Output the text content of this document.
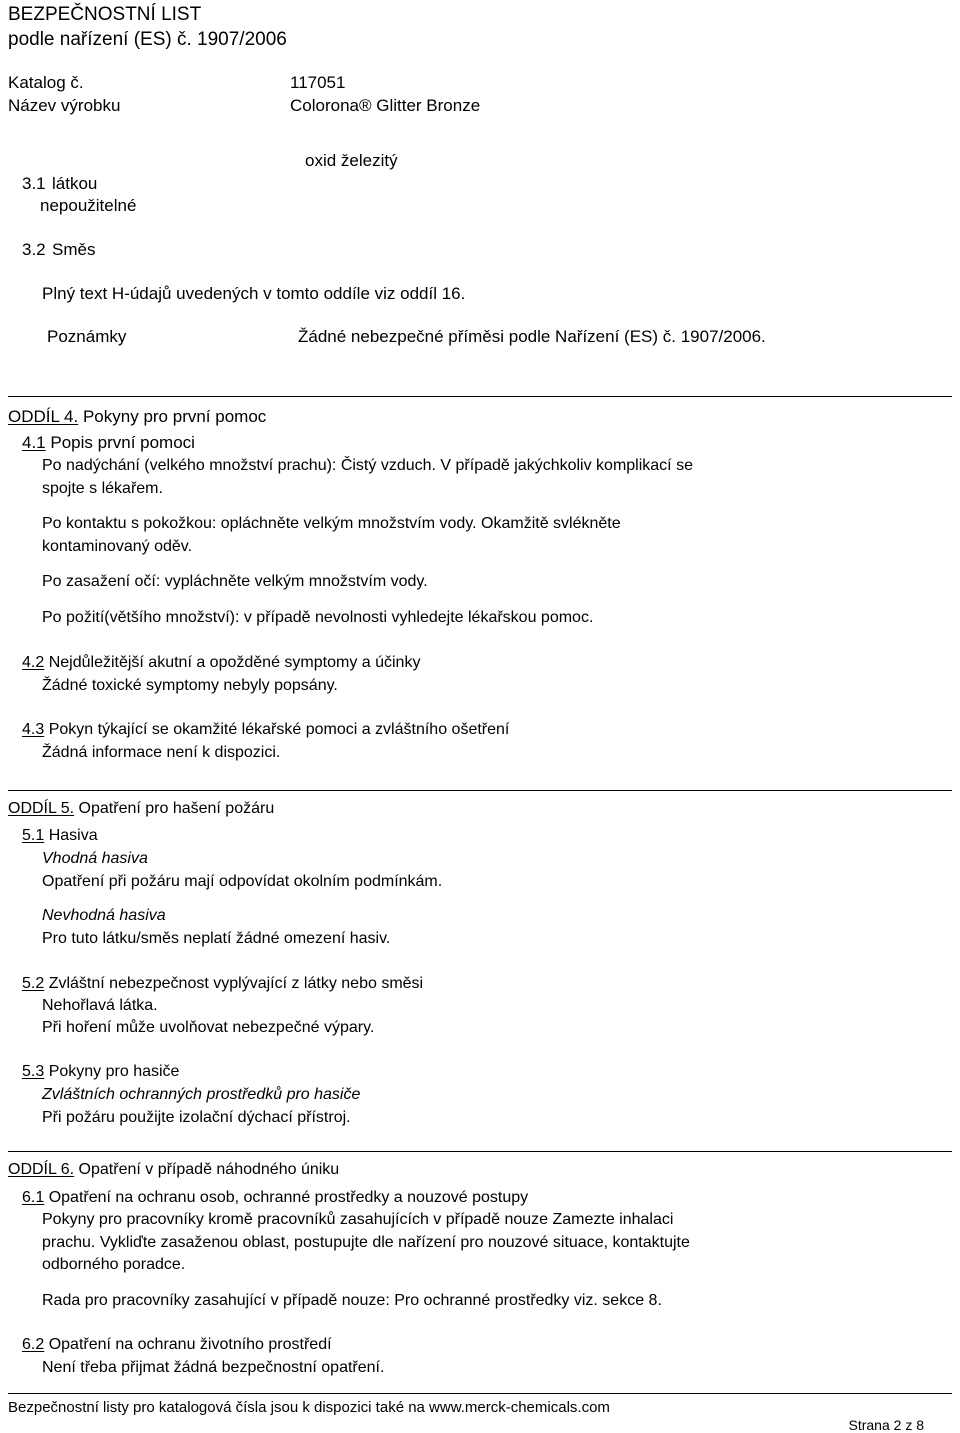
BEZPEČNOSTNÍ LIST
podle nařízení (ES) č. 1907/2006
Katalog č.	117051
Název výrobku	Colorona® Glitter Bronze
oxid železitý
3.1 látkou
nepoužitelné
3.2 Směs
Plný text H-údajů uvedených v tomto oddíle viz oddíl 16.
Poznámky	Žádné nebezpečné příměsi podle Nařízení (ES) č. 1907/2006.
ODDÍL 4. Pokyny pro první pomoc
4.1 Popis první pomoci
Po nadýchání (velkého množství prachu): Čistý vzduch. V případě jakýchkoliv komplikací se
spojte s lékařem.
Po kontaktu s pokožkou: opláchněte velkým množstvím vody. Okamžitě svlékněte
kontaminovaný oděv.
Po zasažení očí: vypláchněte velkým množstvím vody.
Po požití(většího množství): v případě nevolnosti vyhledejte lékařskou pomoc.
4.2 Nejdůležitější akutní a opožděné symptomy a účinky
Žádné toxické symptomy nebyly popsány.
4.3 Pokyn týkající se okamžité lékařské pomoci a zvláštního ošetření
Žádná informace není k dispozici.
ODDÍL 5. Opatření pro hašení požáru
5.1 Hasiva
Vhodná hasiva
Opatření při požáru mají odpovídat okolním podmínkám.
Nevhodná hasiva
Pro tuto látku/směs neplatí žádné omezení hasiv.
5.2 Zvláštní nebezpečnost vyplývající z látky nebo směsi
Nehořlavá látka.
Při hoření může uvolňovat nebezpečné výpary.
5.3 Pokyny pro hasiče
Zvláštních ochranných prostředků pro hasiče
Při požáru použijte izolační dýchací přístroj.
ODDÍL 6. Opatření v případě náhodného úniku
6.1 Opatření na ochranu osob, ochranné prostředky a nouzové postupy
Pokyny pro pracovníky kromě pracovníků zasahujících v případě nouze Zamezte inhalaci
prachu. Vykliďte zasaženou oblast, postupujte dle nařízení pro nouzové situace, kontaktujte
odborného poradce.
Rada pro pracovníky zasahující v případě nouze: Pro ochranné prostředky viz. sekce 8.
6.2 Opatření na ochranu životního prostředí
Není třeba přijmat žádná bezpečnostní opatření.
Bezpečnostní listy pro katalogová čísla jsou k dispozici také na www.merck-chemicals.com
Strana 2 z 8
